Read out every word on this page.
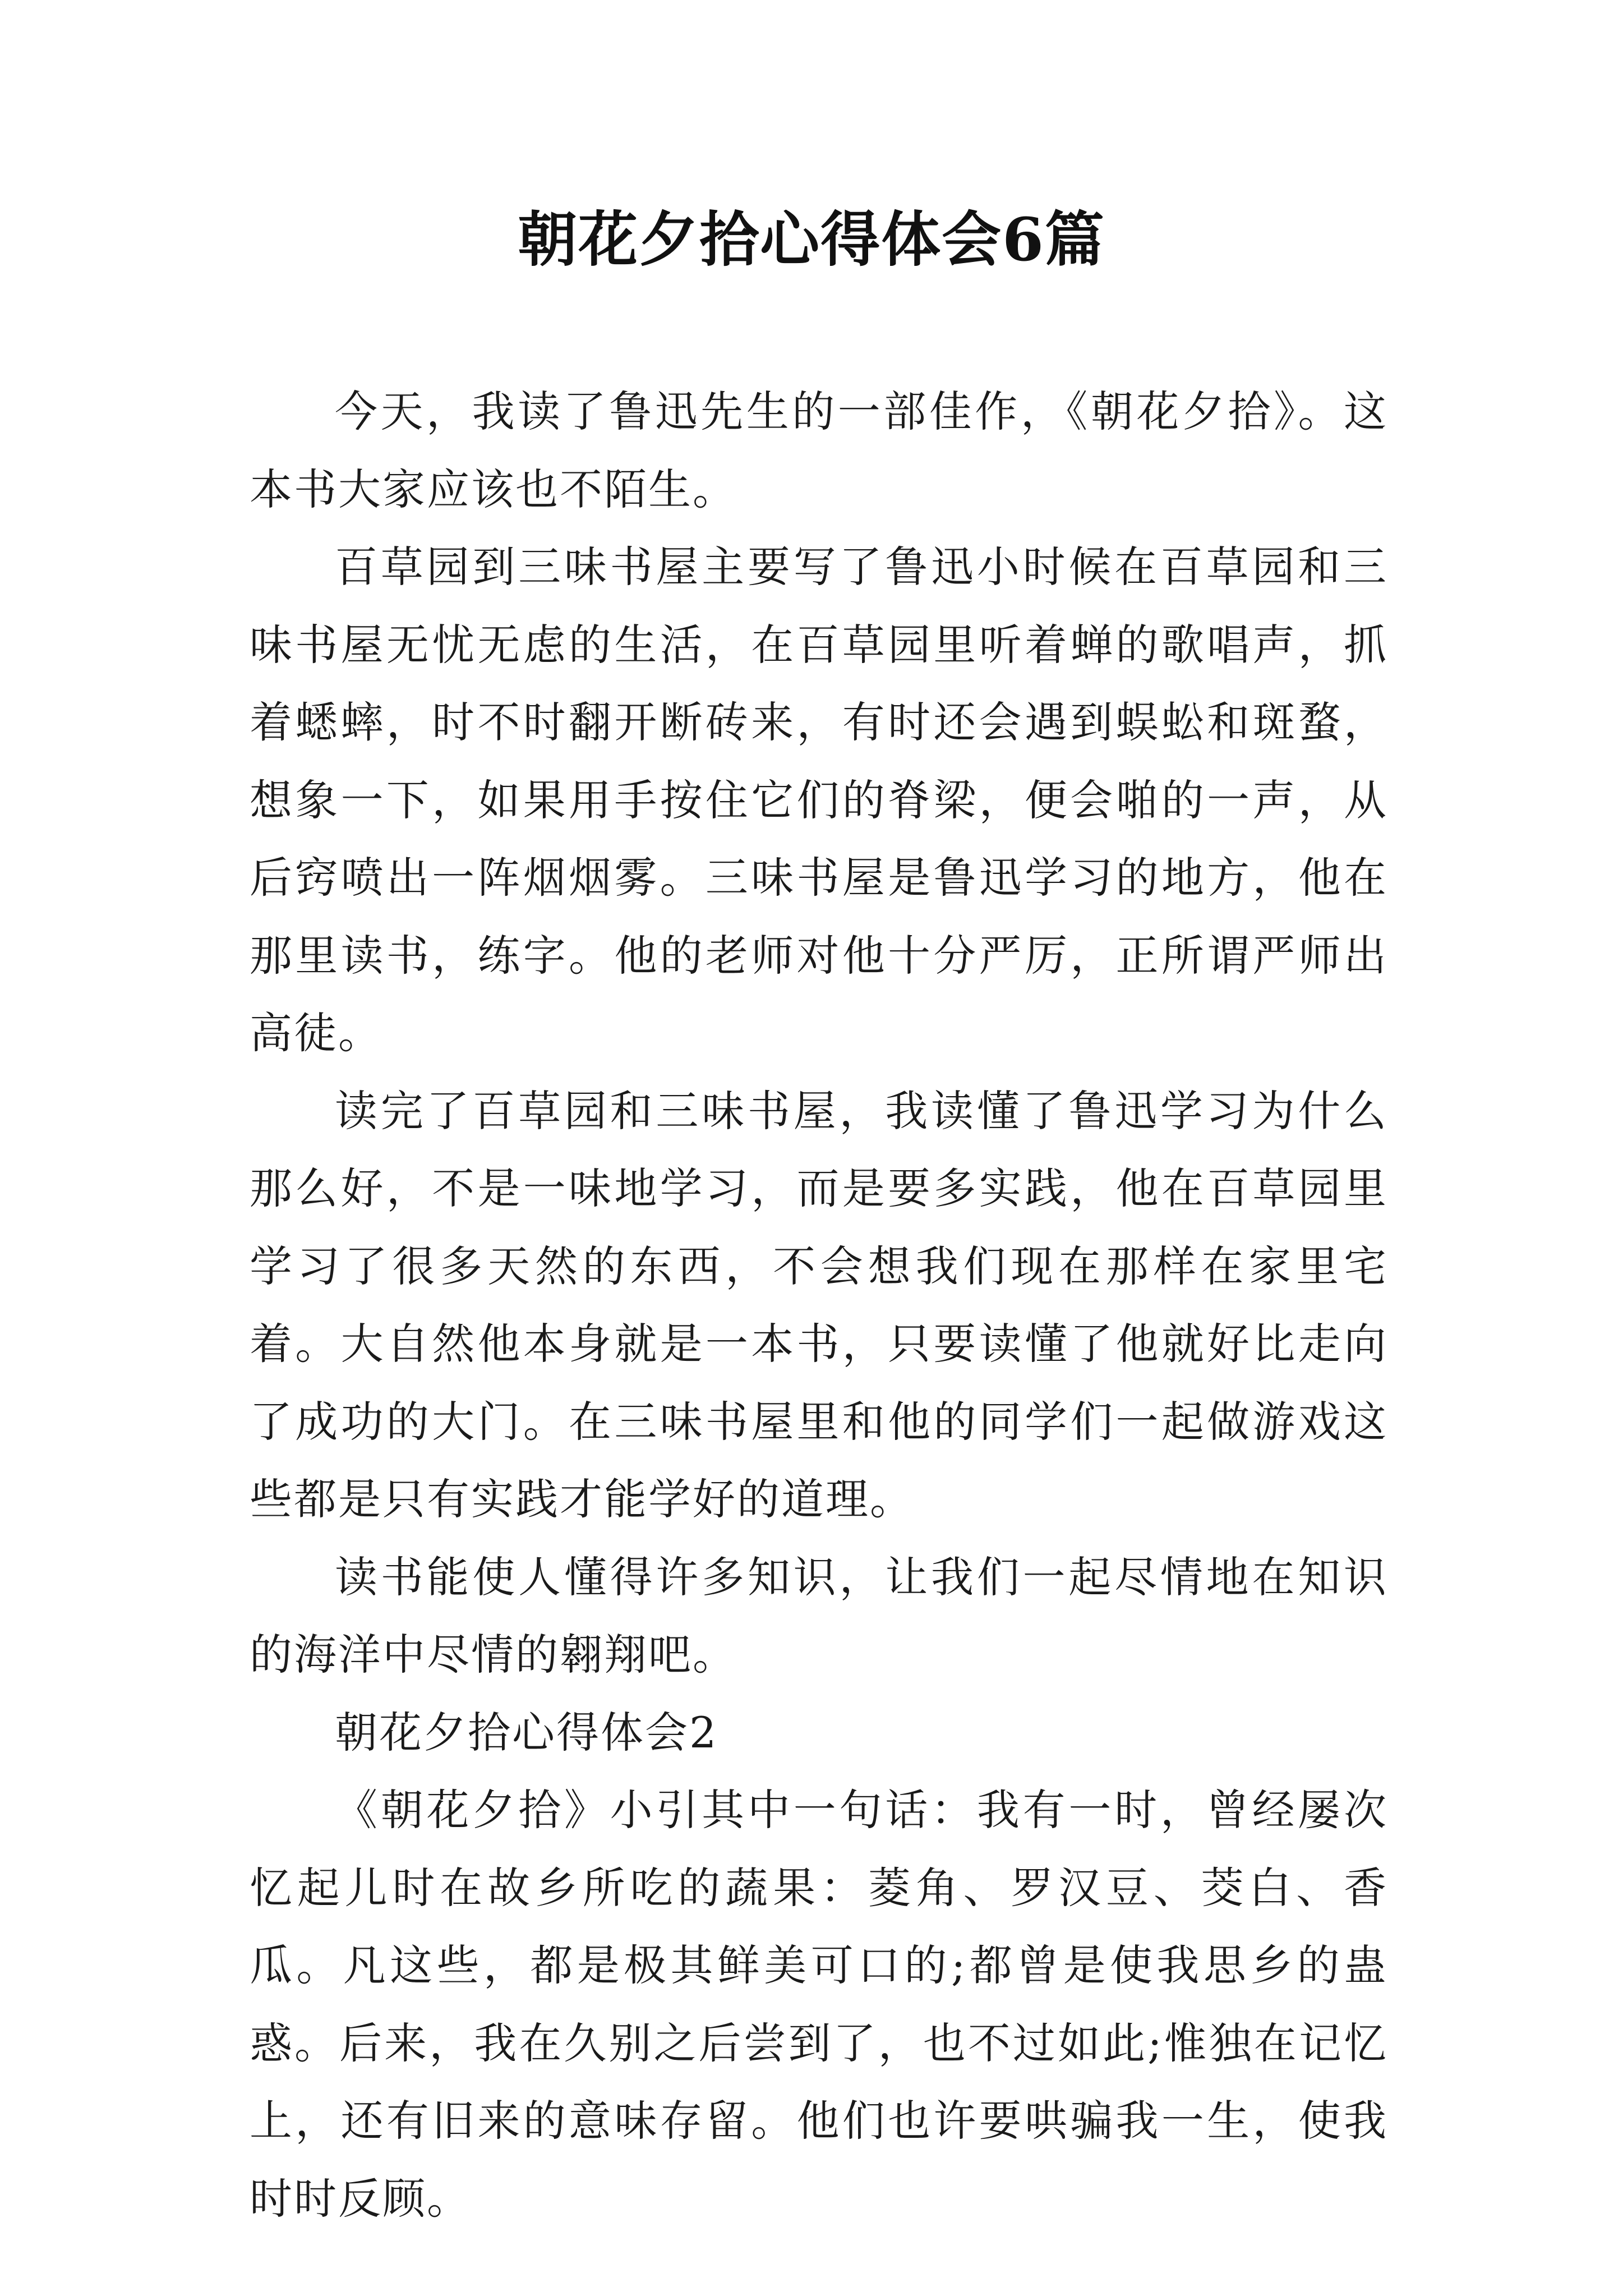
朝花夕拾心得体会6篇

今天，我读了鲁迅先生的一部佳作，《朝花夕拾》。这本书大家应该也不陌生。

百草园到三味书屋主要写了鲁迅小时候在百草园和三味书屋无忧无虑的生活，在百草园里听着蝉的歌唱声，抓着蟋蟀，时不时翻开断砖来，有时还会遇到蜈蚣和斑蝥，想象一下，如果用手按住它们的脊梁，便会啪的一声，从后窍喷出一阵烟烟雾。三味书屋是鲁迅学习的地方，他在那里读书，练字。他的老师对他十分严厉，正所谓严师出高徒。

读完了百草园和三味书屋，我读懂了鲁迅学习为什么那么好，不是一味地学习，而是要多实践，他在百草园里学习了很多天然的东西，不会想我们现在那样在家里宅着。大自然他本身就是一本书，只要读懂了他就好比走向了成功的大门。在三味书屋里和他的同学们一起做游戏这些都是只有实践才能学好的道理。

读书能使人懂得许多知识，让我们一起尽情地在知识的海洋中尽情的翱翔吧。

朝花夕拾心得体会2

《朝花夕拾》小引其中一句话：我有一时，曾经屡次忆起儿时在故乡所吃的蔬果：菱角、罗汉豆、茭白、香瓜。凡这些，都是极其鲜美可口的;都曾是使我思乡的蛊惑。后来，我在久别之后尝到了，也不过如此;惟独在记忆上，还有旧来的意味存留。他们也许要哄骗我一生，使我时时反顾。
